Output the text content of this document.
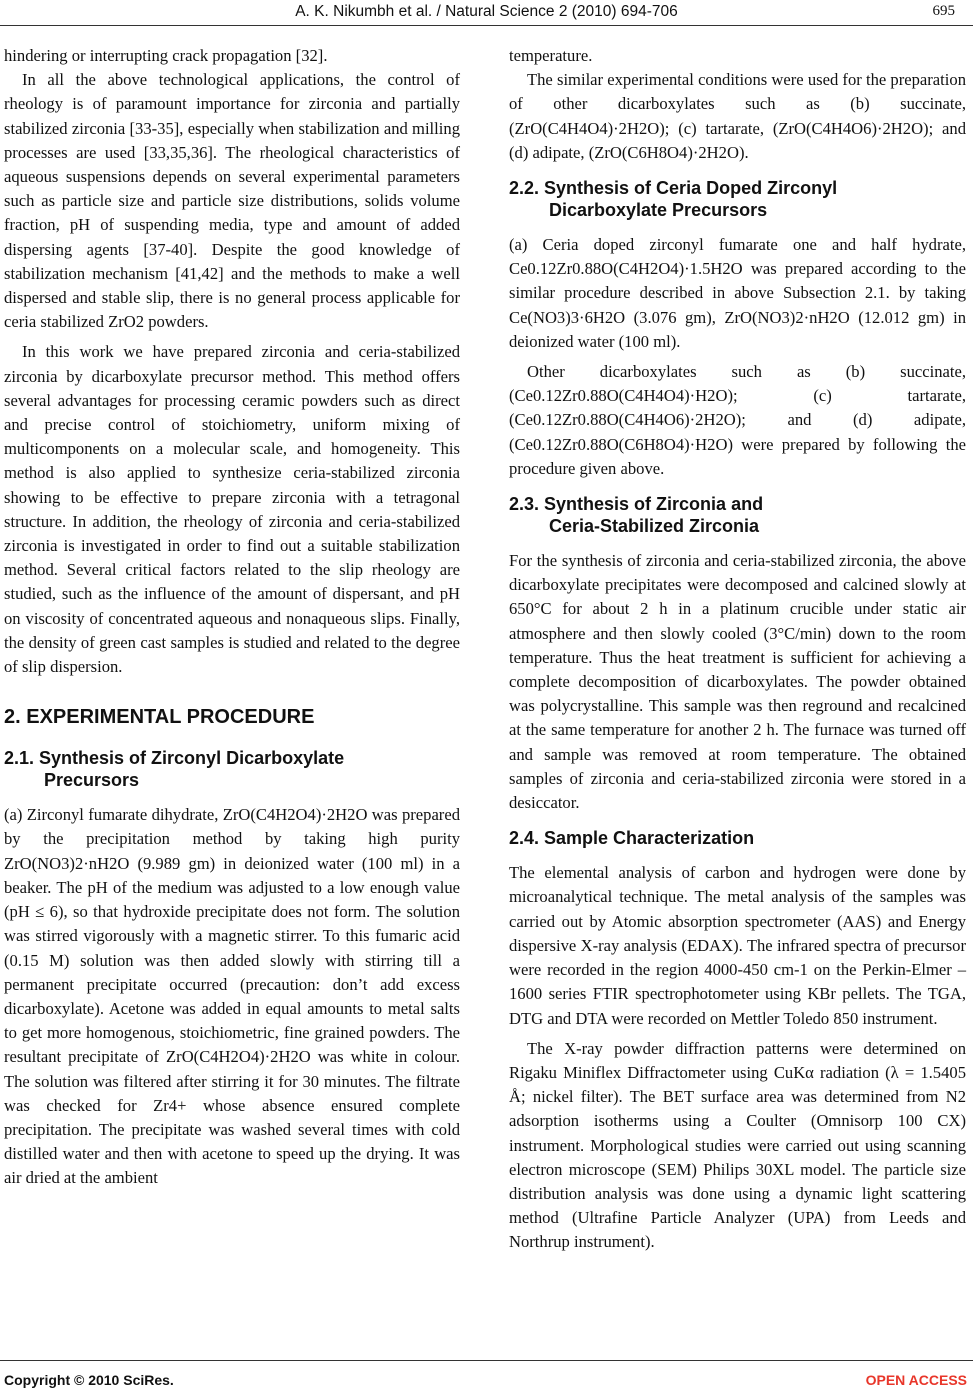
A. K. Nikumbh et al. / Natural Science 2 (2010) 694-706	695

hindering or interrupting crack propagation [32].

In all the above technological applications, the control of rheology is of paramount importance for zirconia and partially stabilized zirconia [33-35], especially when stabilization and milling processes are used [33,35,36]. The rheological characteristics of aqueous suspensions depends on several experimental parameters such as particle size and particle size distributions, solids volume fraction, pH of suspending media, type and amount of added dispersing agents [37-40]. Despite the good knowledge of stabilization mechanism [41,42] and the methods to make a well dispersed and stable slip, there is no general process applicable for ceria stabilized ZrO2 powders.

In this work we have prepared zirconia and ceria-stabilized zirconia by dicarboxylate precursor method. This method offers several advantages for processing ceramic powders such as direct and precise control of stoichiometry, uniform mixing of multicomponents on a molecular scale, and homogeneity. This method is also applied to synthesize ceria-stabilized zirconia showing to be effective to prepare zirconia with a tetragonal structure. In addition, the rheology of zirconia and ceria-stabilized zirconia is investigated in order to find out a suitable stabilization method. Several critical factors related to the slip rheology are studied, such as the influence of the amount of dispersant, and pH on viscosity of concentrated aqueous and nonaqueous slips. Finally, the density of green cast samples is studied and related to the degree of slip dispersion.

2. EXPERIMENTAL PROCEDURE
2.1. Synthesis of Zirconyl Dicarboxylate
Precursors

(a) Zirconyl fumarate dihydrate, ZrO(C4H2O4)·2H2O was prepared by the precipitation method by taking high purity ZrO(NO3)2·nH2O (9.989 gm) in deionized water (100 ml) in a beaker. The pH of the medium was adjusted to a low enough value (pH ≤ 6), so that hydroxide precipitate does not form. The solution was stirred vigorously with a magnetic stirrer. To this fumaric acid (0.15 M) solution was then added slowly with stirring till a permanent precipitate occurred (precaution: don’t add excess dicarboxylate). Acetone was added in equal amounts to metal salts to get more homogenous, stoichiometric, fine grained powders. The resultant precipitate of ZrO(C4H2O4)·2H2O was white in colour. The solution was filtered after stirring it for 30 minutes. The filtrate was checked for Zr4+ whose absence ensured complete precipitation. The precipitate was washed several times with cold distilled water and then with acetone to speed up the drying. It was air dried at the ambient

temperature.

The similar experimental conditions were used for the preparation of other dicarboxylates such as (b) succinate, (ZrO(C4H4O4)·2H2O); (c) tartarate, (ZrO(C4H4O6)·2H2O); and (d) adipate, (ZrO(C6H8O4)·2H2O).

2.2. Synthesis of Ceria Doped Zirconyl
Dicarboxylate Precursors

(a) Ceria doped zirconyl fumarate one and half hydrate, Ce0.12Zr0.88O(C4H2O4)·1.5H2O was prepared according to the similar procedure described in above Subsection 2.1. by taking Ce(NO3)3·6H2O (3.076 gm), ZrO(NO3)2·nH2O (12.012 gm) in deionized water (100 ml).

Other dicarboxylates such as (b) succinate, (Ce0.12Zr0.88O(C4H4O4)·H2O); (c) tartarate, (Ce0.12Zr0.88O(C4H4O6)·2H2O); and (d) adipate, (Ce0.12Zr0.88O(C6H8O4)·H2O) were prepared by following the procedure given above.

2.3. Synthesis of Zirconia and
Ceria-Stabilized Zirconia

For the synthesis of zirconia and ceria-stabilized zirconia, the above dicarboxylate precipitates were decomposed and calcined slowly at 650°C for about 2 h in a platinum crucible under static air atmosphere and then slowly cooled (3°C/min) down to the room temperature. Thus the heat treatment is sufficient for achieving a complete decomposition of dicarboxylates. The powder obtained was polycrystalline. This sample was then reground and recalcined at the same temperature for another 2 h. The furnace was turned off and sample was removed at room temperature. The obtained samples of zirconia and ceria-stabilized zirconia were stored in a desiccator.

2.4. Sample Characterization

The elemental analysis of carbon and hydrogen were done by microanalytical technique. The metal analysis of the samples was carried out by Atomic absorption spectrometer (AAS) and Energy dispersive X-ray analysis (EDAX). The infrared spectra of precursor were recorded in the region 4000-450 cm-1 on the Perkin-Elmer – 1600 series FTIR spectrophotometer using KBr pellets. The TGA, DTG and DTA were recorded on Mettler Toledo 850 instrument.

The X-ray powder diffraction patterns were determined on Rigaku Miniflex Diffractometer using CuKα radiation (λ = 1.5405 Å; nickel filter). The BET surface area was determined from N2 adsorption isotherms using a Coulter (Omnisorp 100 CX) instrument. Morphological studies were carried out using scanning electron microscope (SEM) Philips 30XL model. The particle size distribution analysis was done using a dynamic light scattering method (Ultrafine Particle Analyzer (UPA) from Leeds and Northrup instrument).

Copyright © 2010 SciRes.	OPEN ACCESS
